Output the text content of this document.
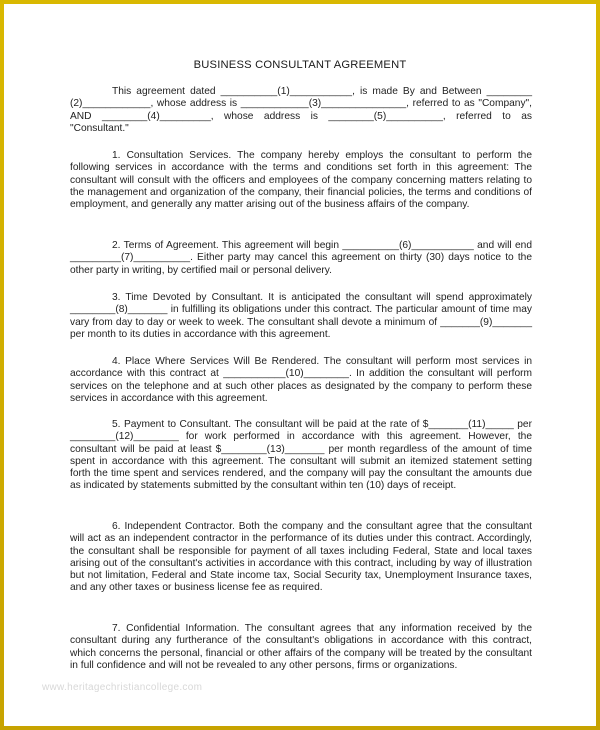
BUSINESS CONSULTANT AGREEMENT
This agreement dated __________(1)___________, is made By and Between ________ (2)____________, whose address is ____________(3)_______________, referred to as "Company", AND ________(4)_________, whose address is ________(5)__________, referred to as "Consultant."
1. Consultation Services. The company hereby employs the consultant to perform the following services in accordance with the terms and conditions set forth in this agreement: The consultant will consult with the officers and employees of the company concerning matters relating to the management and organization of the company, their financial policies, the terms and conditions of employment, and generally any matter arising out of the business affairs of the company.
2. Terms of Agreement. This agreement will begin __________(6)___________ and will end _________(7)__________. Either party may cancel this agreement on thirty (30) days notice to the other party in writing, by certified mail or personal delivery.
3. Time Devoted by Consultant. It is anticipated the consultant will spend approximately ________(8)_______ in fulfilling its obligations under this contract. The particular amount of time may vary from day to day or week to week. The consultant shall devote a minimum of _______(9)_______ per month to its duties in accordance with this agreement.
4. Place Where Services Will Be Rendered. The consultant will perform most services in accordance with this contract at ___________(10)________. In addition the consultant will perform services on the telephone and at such other places as designated by the company to perform these services in accordance with this agreement.
5. Payment to Consultant. The consultant will be paid at the rate of $_______(11)_____ per ________(12)________ for work performed in accordance with this agreement. However, the consultant will be paid at least $________(13)_______ per month regardless of the amount of time spent in accordance with this agreement. The consultant will submit an itemized statement setting forth the time spent and services rendered, and the company will pay the consultant the amounts due as indicated by statements submitted by the consultant within ten (10) days of receipt.
6. Independent Contractor. Both the company and the consultant agree that the consultant will act as an independent contractor in the performance of its duties under this contract. Accordingly, the consultant shall be responsible for payment of all taxes including Federal, State and local taxes arising out of the consultant's activities in accordance with this contract, including by way of illustration but not limitation, Federal and State income tax, Social Security tax, Unemployment Insurance taxes, and any other taxes or business license fee as required.
7. Confidential Information. The consultant agrees that any information received by the consultant during any furtherance of the consultant's obligations in accordance with this contract, which concerns the personal, financial or other affairs of the company will be treated by the consultant in full confidence and will not be revealed to any other persons, firms or organizations.
www.heritagechristiancollege.com
